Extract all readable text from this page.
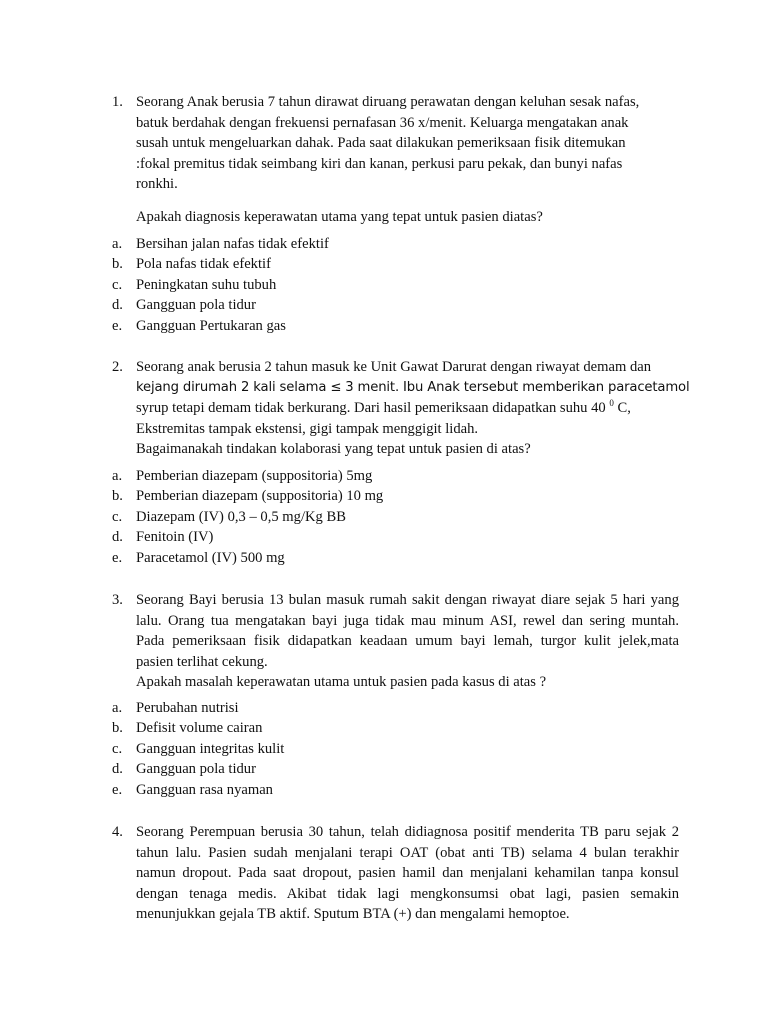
1. Seorang Anak berusia 7 tahun dirawat diruang perawatan dengan keluhan sesak nafas,
batuk berdahak dengan frekuensi pernafasan 36 x/menit. Keluarga mengatakan anak
susah untuk mengeluarkan dahak. Pada saat dilakukan pemeriksaan fisik ditemukan
:fokal premitus tidak seimbang kiri dan kanan, perkusi paru pekak, dan bunyi nafas
ronkhi.
Apakah diagnosis keperawatan utama yang tepat untuk pasien diatas?
a. Bersihan jalan nafas tidak efektif
b. Pola nafas tidak efektif
c. Peningkatan suhu tubuh
d. Gangguan pola tidur
e. Gangguan Pertukaran gas
2. Seorang anak berusia 2 tahun masuk ke Unit Gawat Darurat dengan riwayat demam dan
kejang dirumah 2 kali selama ≤ 3 menit. Ibu Anak tersebut memberikan paracetamol
syrup tetapi demam tidak berkurang. Dari hasil pemeriksaan didapatkan suhu 40 $^0$ C,
Ekstremitas tampak ekstensi, gigi tampak menggigit lidah.
Bagaimanakah tindakan kolaborasi yang tepat untuk pasien di atas?
a. Pemberian diazepam (suppositoria) 5mg
b. Pemberian diazepam (suppositoria) 10 mg
c. Diazepam (IV) 0,3 – 0,5 mg/Kg BB
d. Fenitoin (IV)
e. Paracetamol (IV) 500 mg
3. Seorang Bayi berusia 13 bulan masuk rumah sakit dengan riwayat diare sejak 5 hari yang
lalu. Orang tua mengatakan bayi juga tidak mau minum ASI, rewel dan sering muntah.
Pada pemeriksaan fisik didapatkan keadaan umum bayi lemah, turgor kulit jelek,mata
pasien terlihat cekung.
Apakah masalah keperawatan utama untuk pasien pada kasus di atas ?
a. Perubahan nutrisi
b. Defisit volume cairan
c. Gangguan integritas kulit
d. Gangguan pola tidur
e. Gangguan rasa nyaman
4. Seorang Perempuan berusia 30 tahun, telah didiagnosa positif menderita TB paru sejak 2
tahun lalu. Pasien sudah menjalani terapi OAT (obat anti TB) selama 4 bulan terakhir
namun dropout. Pada saat dropout, pasien hamil dan menjalani kehamilan tanpa konsul
dengan tenaga medis. Akibat tidak lagi mengkonsumsi obat lagi, pasien semakin
menunjukkan gejala TB aktif. Sputum BTA (+) dan mengalami hemoptoe.
